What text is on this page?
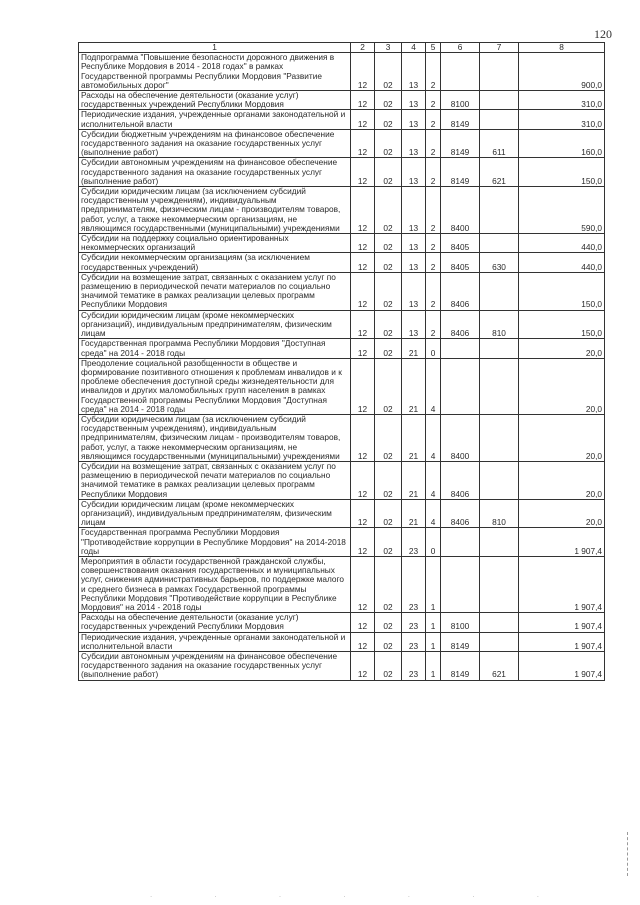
120
1	2	3	4	5	6	7	8
Подпрограмма "Повышение безопасности дорожного движения в Республике Мордовия в 2014 - 2018 годах" в рамках Государственной программы Республики Мордовия "Развитие автомобильных дорог"	12	02	13	2			900,0
Расходы на обеспечение деятельности (оказание услуг) государственных учреждений Республики Мордовия	12	02	13	2	8100		310,0
Периодические издания, учрежденные органами законодательной и исполнительной власти	12	02	13	2	8149		310,0
Субсидии бюджетным учреждениям на финансовое обеспечение государственного задания на оказание государственных услуг (выполнение работ)	12	02	13	2	8149	611	160,0
Субсидии автономным учреждениям на финансовое обеспечение государственного задания на оказание государственных услуг (выполнение работ)	12	02	13	2	8149	621	150,0
Субсидии юридическим лицам (за исключением субсидий государственным учреждениям), индивидуальным предпринимателям, физическим лицам - производителям товаров, работ, услуг, а также некоммерческим организациям, не являющимся государственными (муниципальными) учреждениями	12	02	13	2	8400		590,0
Субсидии на поддержку социально ориентированных некоммерческих организаций	12	02	13	2	8405		440,0
Субсидии некоммерческим организациям (за исключением государственных учреждений)	12	02	13	2	8405	630	440,0
Субсидии на возмещение затрат, связанных с оказанием услуг по размещению в периодической печати материалов по социально значимой тематике в рамках реализации целевых программ Республики Мордовия	12	02	13	2	8406		150,0
Субсидии юридическим лицам (кроме некоммерческих организаций), индивидуальным предпринимателям, физическим лицам	12	02	13	2	8406	810	150,0
Государственная программа Республики Мордовия "Доступная среда" на 2014 - 2018 годы	12	02	21	0			20,0
Преодоление социальной разобщенности в обществе и формирование позитивного отношения к проблемам инвалидов и к проблеме обеспечения доступной среды жизнедеятельности для инвалидов и других маломобильных групп населения в рамках Государственной программы Республики Мордовия "Доступная среда" на 2014 - 2018 годы	12	02	21	4			20,0
Субсидии юридическим лицам (за исключением субсидий государственным учреждениям), индивидуальным предпринимателям, физическим лицам - производителям товаров, работ, услуг, а также некоммерческим организациям, не являющимся государственными (муниципальными) учреждениями	12	02	21	4	8400		20,0
Субсидии на возмещение затрат, связанных с оказанием услуг по размещению в периодической печати материалов по социально значимой тематике в рамках реализации целевых программ Республики Мордовия	12	02	21	4	8406		20,0
Субсидии юридическим лицам (кроме некоммерческих организаций), индивидуальным предпринимателям, физическим лицам	12	02	21	4	8406	810	20,0
Государственная программа Республики Мордовия "Противодействие коррупции в Республике Мордовия" на 2014-2018 годы	12	02	23	0			1 907,4
Мероприятия в области государственной гражданской службы, совершенствования оказания государственных и муниципальных услуг, снижения административных барьеров, по поддержке малого и среднего бизнеса в рамках Государственной программы Республики Мордовия "Противодействие коррупции в Республике Мордовия" на 2014 - 2018 годы	12	02	23	1			1 907,4
Расходы на обеспечение деятельности (оказание услуг) государственных учреждений Республики Мордовия	12	02	23	1	8100		1 907,4
Периодические издания, учрежденные органами законодательной и исполнительной власти	12	02	23	1	8149		1 907,4
Субсидии автономным учреждениям на финансовое обеспечение государственного задания на оказание государственных услуг (выполнение работ)	12	02	23	1	8149	621	1 907,4
· · · · · · ·
